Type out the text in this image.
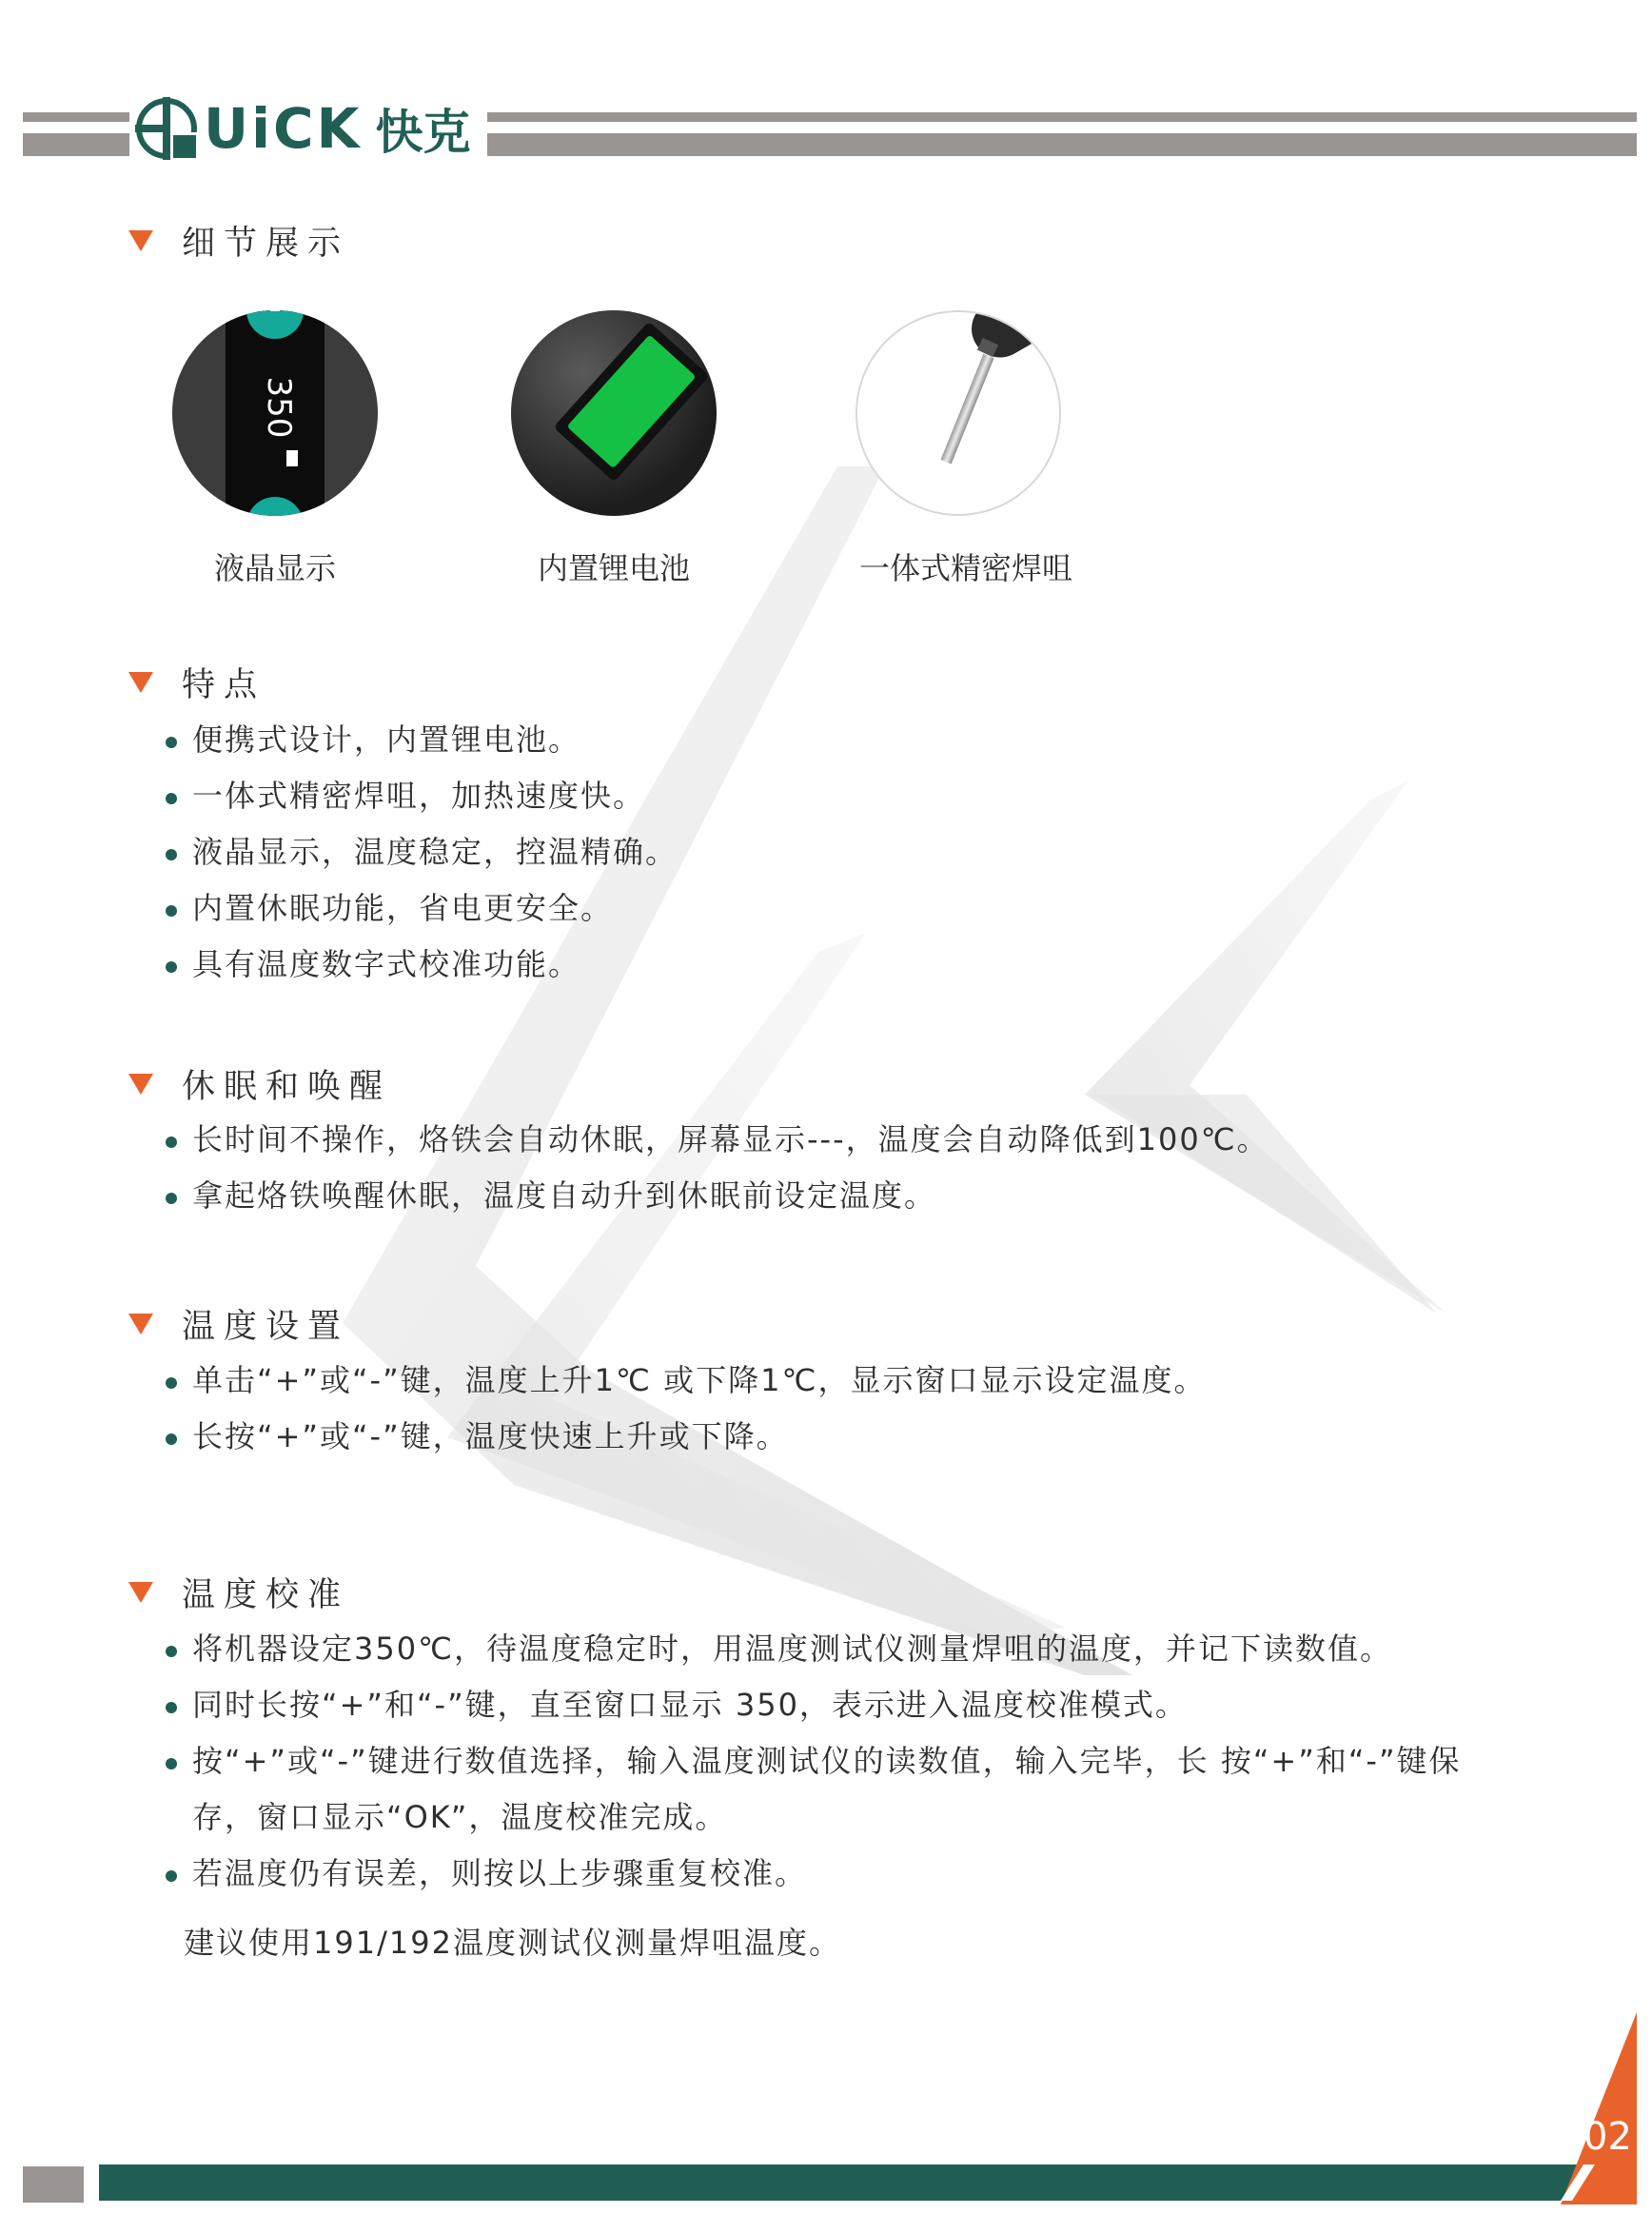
UiCK 快克
细节展示
350
液晶显示	内置锂电池	一体式精密焊咀
特点
便携式设计，内置锂电池。
一体式精密焊咀，加热速度快。
液晶显示，温度稳定，控温精确。
内置休眠功能，省电更安全。
具有温度数字式校准功能。
休眠和唤醒
长时间不操作，烙铁会自动休眠，屏幕显示---，温度会自动降低到100℃。
拿起烙铁唤醒休眠，温度自动升到休眠前设定温度。
温度设置
单击“+”或“-”键，温度上升1℃ 或下降1℃，显示窗口显示设定温度。
长按“+”或“-”键，温度快速上升或下降。
温度校准
将机器设定350℃，待温度稳定时，用温度测试仪测量焊咀的温度，并记下读数值。
同时长按“+”和“-”键，直至窗口显示 350，表示进入温度校准模式。
按“+”或“-”键进行数值选择，输入温度测试仪的读数值，输入完毕，长 按“+”和“-”键保存，窗口显示“OK”，温度校准完成。
若温度仍有误差，则按以上步骤重复校准。
建议使用191/192温度测试仪测量焊咀温度。
02
